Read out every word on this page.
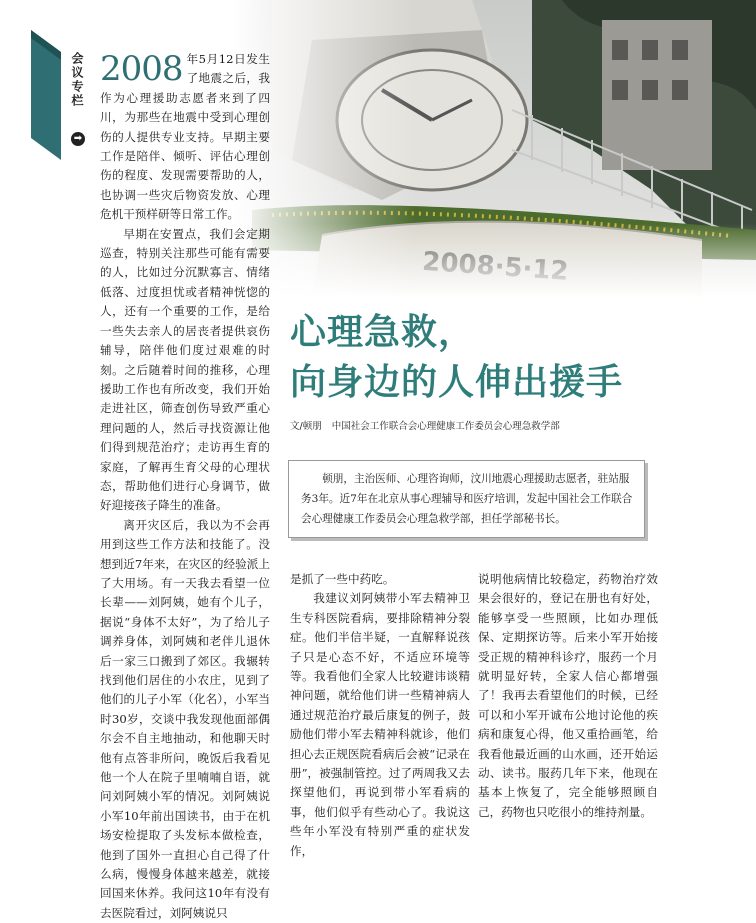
会议专栏
➡

2008 年5月12日发生了地震之后，我作为心理援助志愿者来到了四川，为那些在地震中受到心理创伤的人提供专业支持。早期主要工作是陪伴、倾听、评估心理创伤的程度、发现需要帮助的人，也协调一些灾后物资发放、心理危机干预样研等日常工作。

早期在安置点，我们会定期巡查，特别关注那些可能有需要的人，比如过分沉默寡言、情绪低落、过度担忧或者精神恍惚的人，还有一个重要的工作，是给一些失去亲人的居丧者提供哀伤辅导，陪伴他们度过艰难的时刻。之后随着时间的推移，心理援助工作也有所改变，我们开始走进社区，筛查创伤导致严重心理问题的人，然后寻找资源让他们得到规范治疗；走访再生育的家庭，了解再生育父母的心理状态，帮助他们进行心身调节，做好迎接孩子降生的准备。

离开灾区后，我以为不会再用到这些工作方法和技能了。没想到近7年来，在灾区的经验派上了大用场。有一天我去看望一位长辈——刘阿姨，她有个儿子，据说“身体不太好”，为了给儿子调养身体，刘阿姨和老伴儿退休后一家三口搬到了郊区。我辗转找到他们居住的小农庄，见到了他们的儿子小军（化名），小军当时30岁，交谈中我发现他面部偶尔会不自主地抽动，和他聊天时他有点答非所问，晚饭后我看见他一个人在院子里喃喃自语，就问刘阿姨小军的情况。刘阿姨说小军10年前出国读书，由于在机场安检提取了头发标本做检查，他到了国外一直担心自己得了什么病，慢慢身体越来越差，就接回国来休养。我问这10年有没有去医院看过，刘阿姨说只

心理急救，
向身边的人伸出援手
文/顿朋 中国社会工作联合会心理健康工作委员会心理急救学部
顿朋，主治医师、心理咨询师，汶川地震心理援助志愿者，驻站服务3年。近7年在北京从事心理辅导和医疗培训，发起中国社会工作联合会心理健康工作委员会心理急救学部，担任学部秘书长。

是抓了一些中药吃。

我建议刘阿姨带小军去精神卫生专科医院看病，要排除精神分裂症。他们半信半疑，一直解释说孩子只是心态不好，不适应环境等等。我看他们全家人比较避讳谈精神问题，就给他们讲一些精神病人通过规范治疗最后康复的例子，鼓励他们带小军去精神科就诊，他们担心去正规医院看病后会被“记录在册”，被强制管控。过了两周我又去探望他们，再说到带小军看病的事，他们似乎有些动心了。我说这些年小军没有特别严重的症状发作，

说明他病情比较稳定，药物治疗效果会很好的，登记在册也有好处，能够享受一些照顾，比如办理低保、定期探访等。后来小军开始接受正规的精神科诊疗，服药一个月就明显好转，全家人信心都增强了！我再去看望他们的时候，已经可以和小军开诚布公地讨论他的疾病和康复心得，他又重拾画笔，给我看他最近画的山水画，还开始运动、读书。服药几年下来，他现在基本上恢复了，完全能够照顾自己，药物也只吃很小的维持剂量。
